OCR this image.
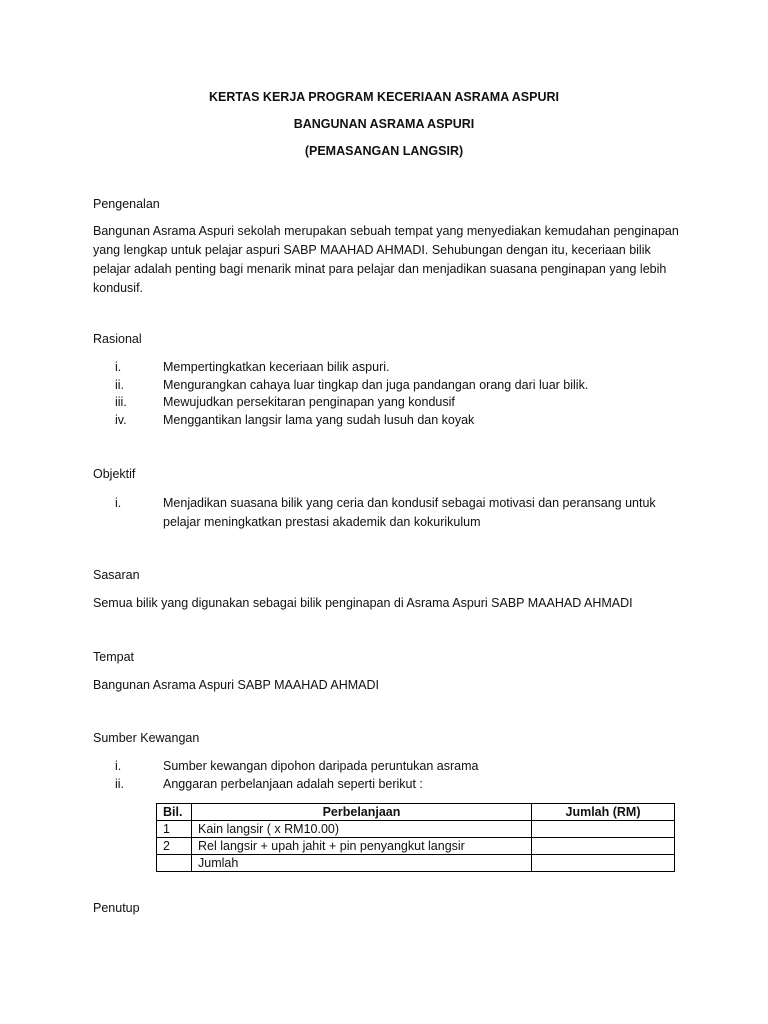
KERTAS KERJA PROGRAM KECERIAAN ASRAMA ASPURI
BANGUNAN ASRAMA ASPURI
(PEMASANGAN LANGSIR)
Pengenalan
Bangunan Asrama Aspuri sekolah merupakan sebuah tempat yang menyediakan kemudahan penginapan yang lengkap untuk pelajar aspuri SABP MAAHAD AHMADI. Sehubungan dengan itu, keceriaan bilik pelajar adalah penting bagi menarik minat para pelajar dan menjadikan suasana penginapan yang lebih kondusif.
Rasional
i.	Mempertingkatkan keceriaan bilik aspuri.
ii.	Mengurangkan cahaya luar tingkap dan juga pandangan orang dari luar bilik.
iii.	Mewujudkan persekitaran penginapan yang kondusif
iv.	Menggantikan langsir lama yang sudah lusuh dan koyak
Objektif
i.	Menjadikan suasana bilik yang ceria dan kondusif sebagai motivasi dan peransang untuk pelajar meningkatkan prestasi akademik dan kokurikulum
Sasaran
Semua bilik yang digunakan sebagai bilik penginapan di Asrama Aspuri SABP MAAHAD AHMADI
Tempat
Bangunan Asrama Aspuri SABP MAAHAD AHMADI
Sumber Kewangan
i.	Sumber kewangan dipohon daripada peruntukan asrama
ii.	Anggaran perbelanjaan adalah seperti berikut :
Bil.	Perbelanjaan	Jumlah (RM)
1	Kain langsir ( x RM10.00)	
2	Rel langsir + upah jahit + pin penyangkut langsir	
	Jumlah	
Penutup
